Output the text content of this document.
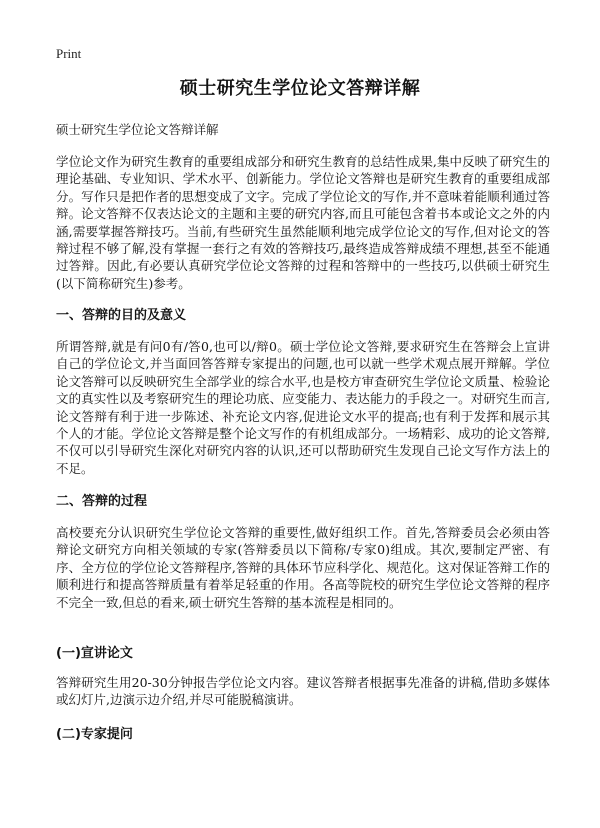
Print
硕士研究生学位论文答辩详解
硕士研究生学位论文答辩详解

学位论文作为研究生教育的重要组成部分和研究生教育的总结性成果,集中反映了研究生的理论基础、专业知识、学术水平、创新能力。学位论文答辩也是研究生教育的重要组成部分。写作只是把作者的思想变成了文字。完成了学位论文的写作,并不意味着能顺利通过答辩。论文答辩不仅表达论文的主题和主要的研究内容,而且可能包含着书本或论文之外的内涵,需要掌握答辩技巧。当前,有些研究生虽然能顺利地完成学位论文的写作,但对论文的答辩过程不够了解,没有掌握一套行之有效的答辩技巧,最终造成答辩成绩不理想,甚至不能通过答辩。因此,有必要认真研究学位论文答辩的过程和答辩中的一些技巧,以供硕士研究生(以下简称研究生)参考。

一、答辩的目的及意义

所谓答辩,就是有问0有/答0,也可以/辩0。硕士学位论文答辩,要求研究生在答辩会上宣讲自己的学位论文,并当面回答答辩专家提出的问题,也可以就一些学术观点展开辩解。学位论文答辩可以反映研究生全部学业的综合水平,也是校方审查研究生学位论文质量、检验论文的真实性以及考察研究生的理论功底、应变能力、表达能力的手段之一。对研究生而言,论文答辩有利于进一步陈述、补充论文内容,促进论文水平的提高;也有利于发挥和展示其个人的才能。学位论文答辩是整个论文写作的有机组成部分。一场精彩、成功的论文答辩,不仅可以引导研究生深化对研究内容的认识,还可以帮助研究生发现自己论文写作方法上的不足。

二、答辩的过程

高校要充分认识研究生学位论文答辩的重要性,做好组织工作。首先,答辩委员会必须由答辩论文研究方向相关领域的专家(答辩委员以下简称/专家0)组成。其次,要制定严密、有序、全方位的学位论文答辩程序,答辩的具体环节应科学化、规范化。这对保证答辩工作的顺利进行和提高答辩质量有着举足轻重的作用。各高等院校的研究生学位论文答辩的程序不完全一致,但总的看来,硕士研究生答辩的基本流程是相同的。

(一)宣讲论文

答辩研究生用20-30分钟报告学位论文内容。建议答辩者根据事先准备的讲稿,借助多媒体或幻灯片,边演示边介绍,并尽可能脱稿演讲。

(二)专家提问
